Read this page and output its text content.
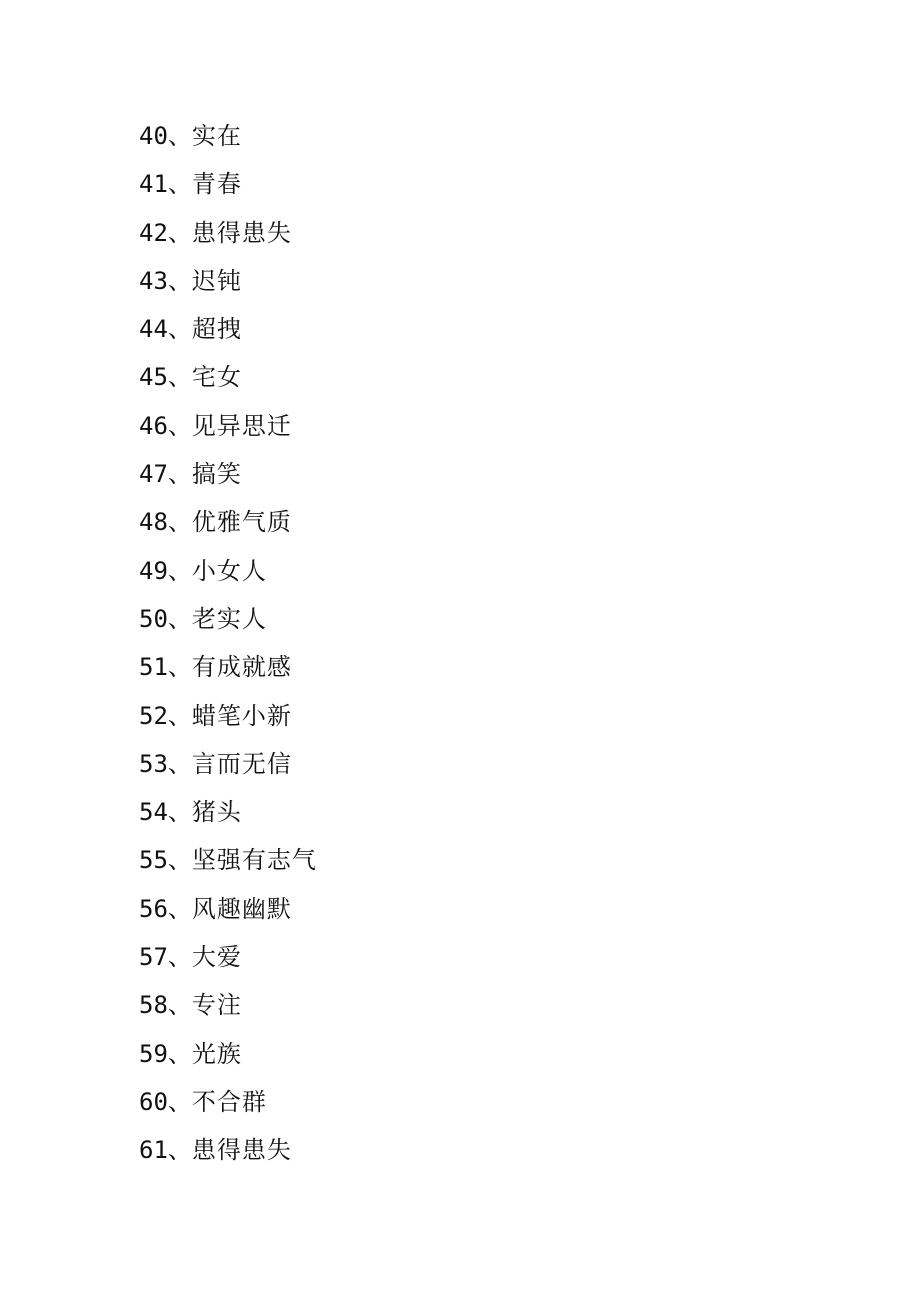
40、实在
41、青春
42、患得患失
43、迟钝
44、超拽
45、宅女
46、见异思迁
47、搞笑
48、优雅气质
49、小女人
50、老实人
51、有成就感
52、蜡笔小新
53、言而无信
54、猪头
55、坚强有志气
56、风趣幽默
57、大爱
58、专注
59、光族
60、不合群
61、患得患失
